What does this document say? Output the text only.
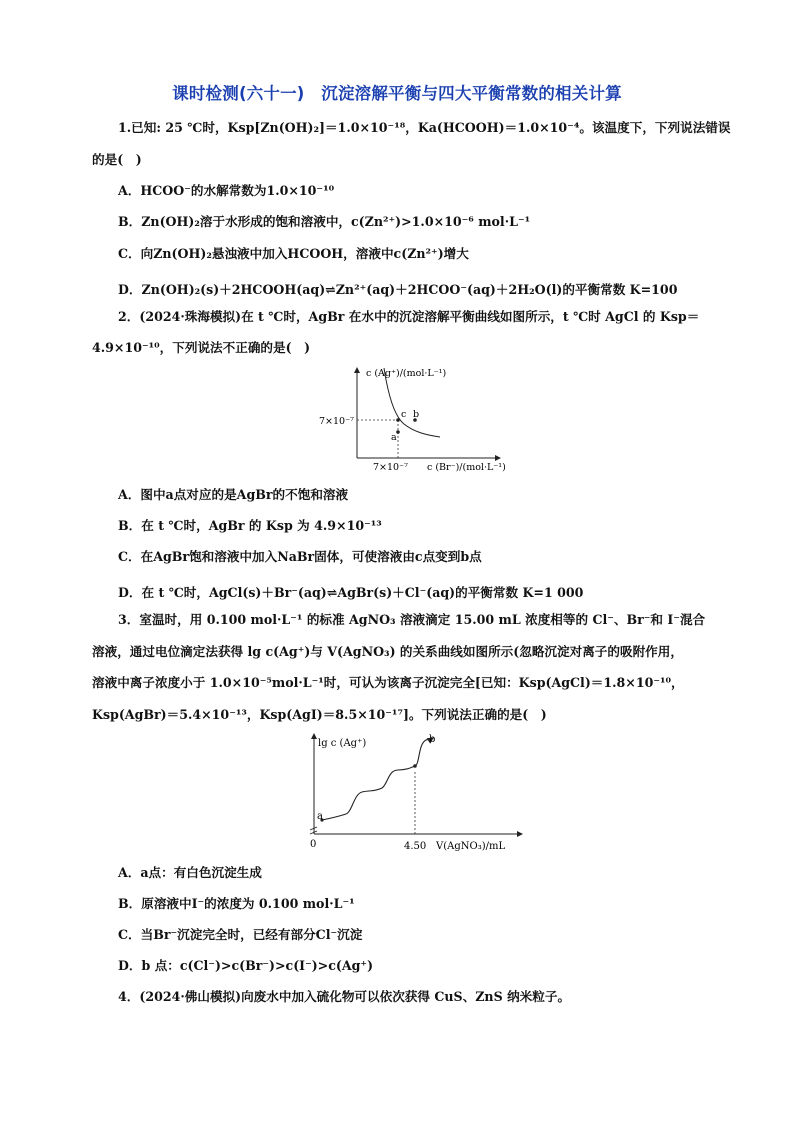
课时检测(六十一)　沉淀溶解平衡与四大平衡常数的相关计算
1.已知: 25 ℃时，Ksp[Zn(OH)₂]＝1.0×10⁻¹⁸，Ka(HCOOH)＝1.0×10⁻⁴。该温度下，下列说法错误
的是(　)
A．HCOO⁻的水解常数为1.0×10⁻¹⁰
B．Zn(OH)₂溶于水形成的饱和溶液中，c(Zn²⁺)>1.0×10⁻⁶ mol·L⁻¹
C．向Zn(OH)₂悬浊液中加入HCOOH，溶液中c(Zn²⁺)增大
D．Zn(OH)₂(s)＋2HCOOH(aq)⇌Zn²⁺(aq)＋2HCOO⁻(aq)＋2H₂O(l)的平衡常数 K=100
2．(2024·珠海模拟)在 t ℃时，AgBr 在水中的沉淀溶解平衡曲线如图所示，t ℃时 AgCl 的 Ksp＝
4.9×10⁻¹⁰，下列说法不正确的是(　)
c (Ag⁺)/(mol·L⁻¹)
7×10⁻⁷
7×10⁻⁷ c (Br⁻)/(mol·L⁻¹)
c b
a
A．图中a点对应的是AgBr的不饱和溶液
B．在 t ℃时，AgBr 的 Ksp 为 4.9×10⁻¹³
C．在AgBr饱和溶液中加入NaBr固体，可使溶液由c点变到b点
D．在 t ℃时，AgCl(s)＋Br⁻(aq)⇌AgBr(s)＋Cl⁻(aq)的平衡常数 K=1 000
3．室温时，用 0.100 mol·L⁻¹ 的标准 AgNO₃ 溶液滴定 15.00 mL 浓度相等的 Cl⁻、Br⁻和 I⁻混合
溶液，通过电位滴定法获得 lg c(Ag⁺)与 V(AgNO₃) 的关系曲线如图所示(忽略沉淀对离子的吸附作用，
溶液中离子浓度小于 1.0×10⁻⁵mol·L⁻¹时，可认为该离子沉淀完全[已知：Ksp(AgCl)＝1.8×10⁻¹⁰，
Ksp(AgBr)＝5.4×10⁻¹³，Ksp(AgI)＝8.5×10⁻¹⁷]。下列说法正确的是(　)
lg c (Ag⁺)
0	4.50 V(AgNO₃)/mL
a
b
A．a点：有白色沉淀生成
B．原溶液中I⁻的浓度为 0.100 mol·L⁻¹
C．当Br⁻沉淀完全时，已经有部分Cl⁻沉淀
D．b 点：c(Cl⁻)>c(Br⁻)>c(I⁻)>c(Ag⁺)
4．(2024·佛山模拟)向废水中加入硫化物可以依次获得 CuS、ZnS 纳米粒子。
